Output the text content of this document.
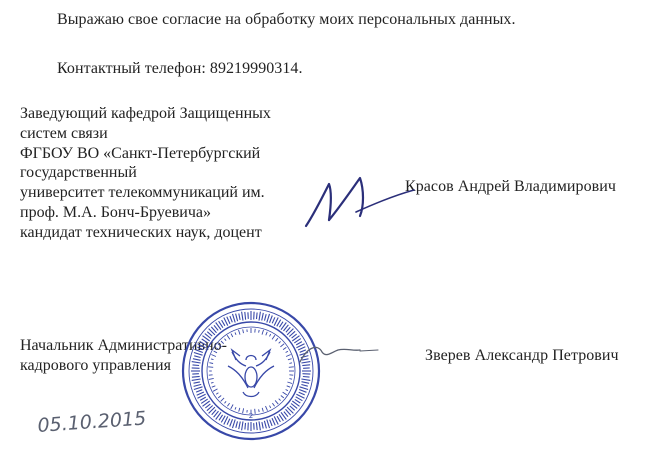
Выражаю свое согласие на обработку моих персональных данных.
Контактный телефон: 89219990314.
Заведующий кафедрой Защищенных
систем связи
ФГБОУ ВО «Санкт-Петербургский
государственный
университет телекоммуникаций им.
проф. М.А. Бонч-Бруевича»
кандидат технических наук, доцент
Красов Андрей Владимирович
Начальник Административно-
кадрового управления
Зверев Александр Петрович
2
05.10.2015
